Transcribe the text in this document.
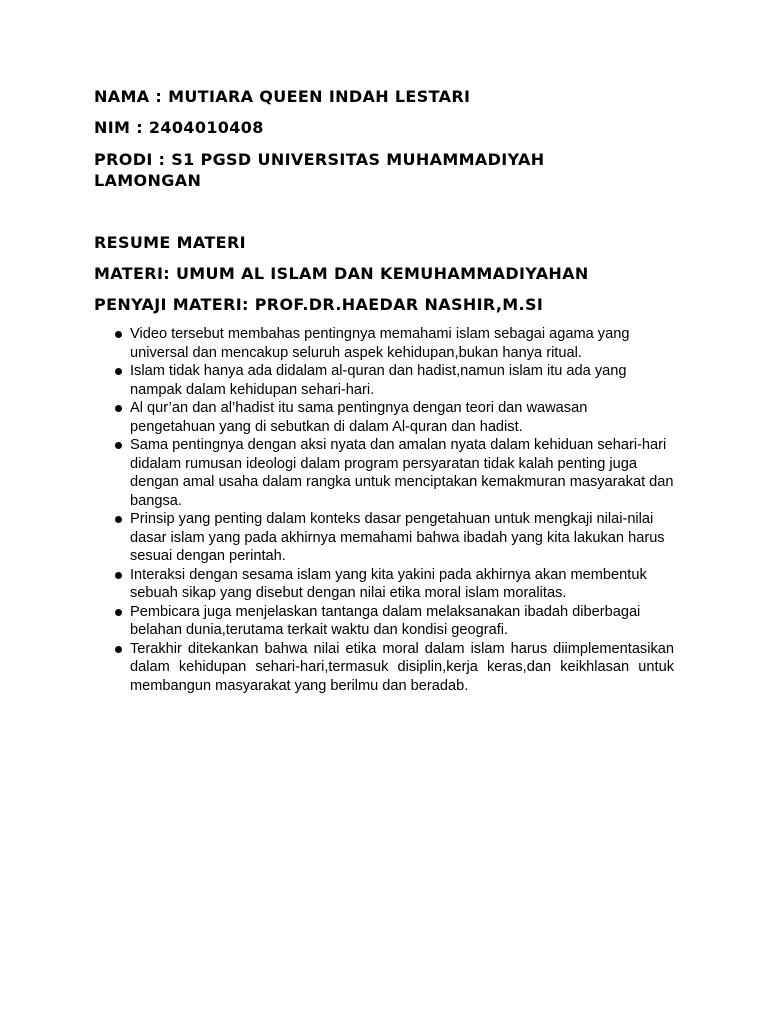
NAMA : MUTIARA QUEEN INDAH LESTARI

NIM : 2404010408

PRODI : S1 PGSD UNIVERSITAS MUHAMMADIYAH LAMONGAN

RESUME MATERI

MATERI: UMUM AL ISLAM DAN KEMUHAMMADIYAHAN

PENYAJI MATERI: PROF.DR.HAEDAR NASHIR,M.SI

Video tersebut membahas pentingnya memahami islam sebagai agama yang universal dan mencakup seluruh aspek kehidupan,bukan hanya ritual.
Islam tidak hanya ada didalam al-quran dan hadist,namun islam itu ada yang nampak dalam kehidupan sehari-hari.
Al qur’an dan al’hadist itu sama pentingnya dengan teori dan wawasan pengetahuan yang di sebutkan di dalam Al-quran dan hadist.
Sama pentingnya dengan aksi nyata dan amalan nyata dalam kehiduan sehari-hari didalam rumusan ideologi dalam program persyaratan tidak kalah penting juga dengan amal usaha dalam rangka untuk menciptakan kemakmuran masyarakat dan bangsa.
Prinsip yang penting dalam konteks dasar pengetahuan untuk mengkaji nilai-nilai dasar islam yang pada akhirnya memahami bahwa ibadah yang kita lakukan harus sesuai dengan perintah.
Interaksi dengan sesama islam yang kita yakini pada akhirnya akan membentuk sebuah sikap yang disebut dengan nilai etika moral islam moralitas.
Pembicara juga menjelaskan tantanga dalam melaksanakan ibadah diberbagai belahan dunia,terutama terkait waktu dan kondisi geografi.
Terakhir ditekankan bahwa nilai etika moral dalam islam harus diimplementasikan dalam kehidupan sehari-hari,termasuk disiplin,kerja keras,dan keikhlasan untuk membangun masyarakat yang berilmu dan beradab.
